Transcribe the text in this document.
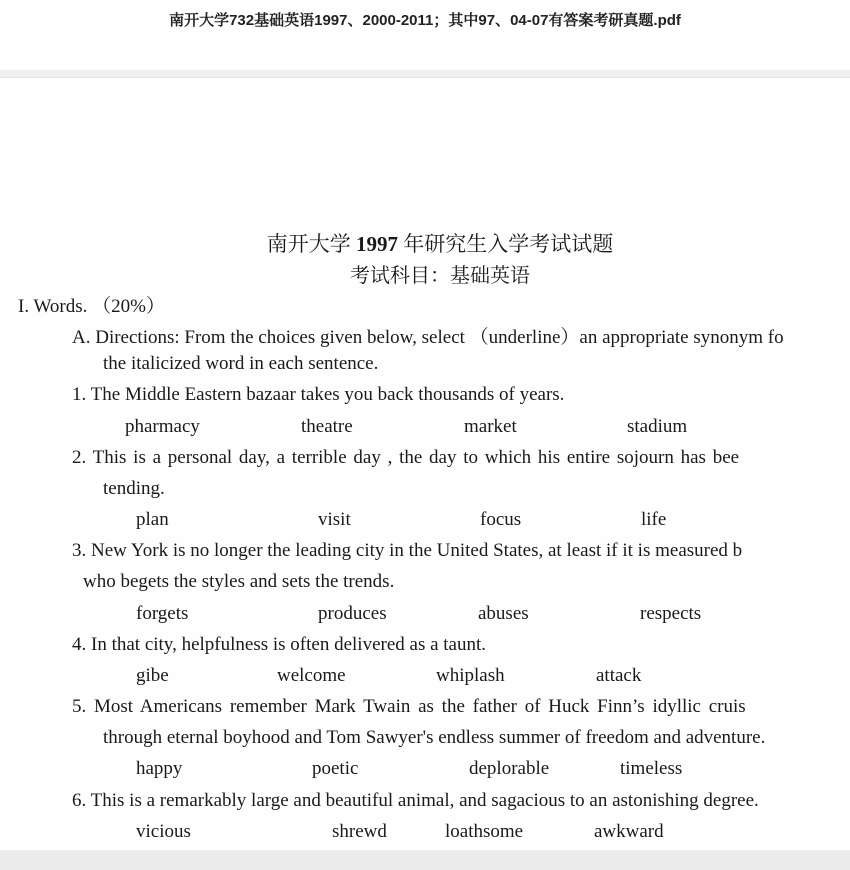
南开大学732基础英语1997、2000-2011；其中97、04-07有答案考研真题.pdf
南开大学 1997 年研究生入学考试试题
考试科目：基础英语
I. Words. （20%）
A. Directions: From the choices given below, select （underline）an appropriate synonym fo
the italicized word in each sentence.
1. The Middle Eastern bazaar takes you back thousands of years.
pharmacy	theatre	market	stadium
2. This is a personal day, a terrible day , the day to which his entire sojourn has bee
tending.
plan	visit	focus	life
3. New York is no longer the leading city in the United States, at least if it is measured b
who begets the styles and sets the trends.
forgets	produces	abuses	respects
4. In that city, helpfulness is often delivered as a taunt.
gibe	welcome	whiplash	attack
5. Most Americans remember Mark Twain as the father of Huck Finn’s idyllic cruis
through eternal boyhood and Tom Sawyer's endless summer of freedom and adventure.
happy	poetic	deplorable	timeless
6. This is a remarkably large and beautiful animal, and sagacious to an astonishing degree.
vicious	shrewd	loathsome	awkward
